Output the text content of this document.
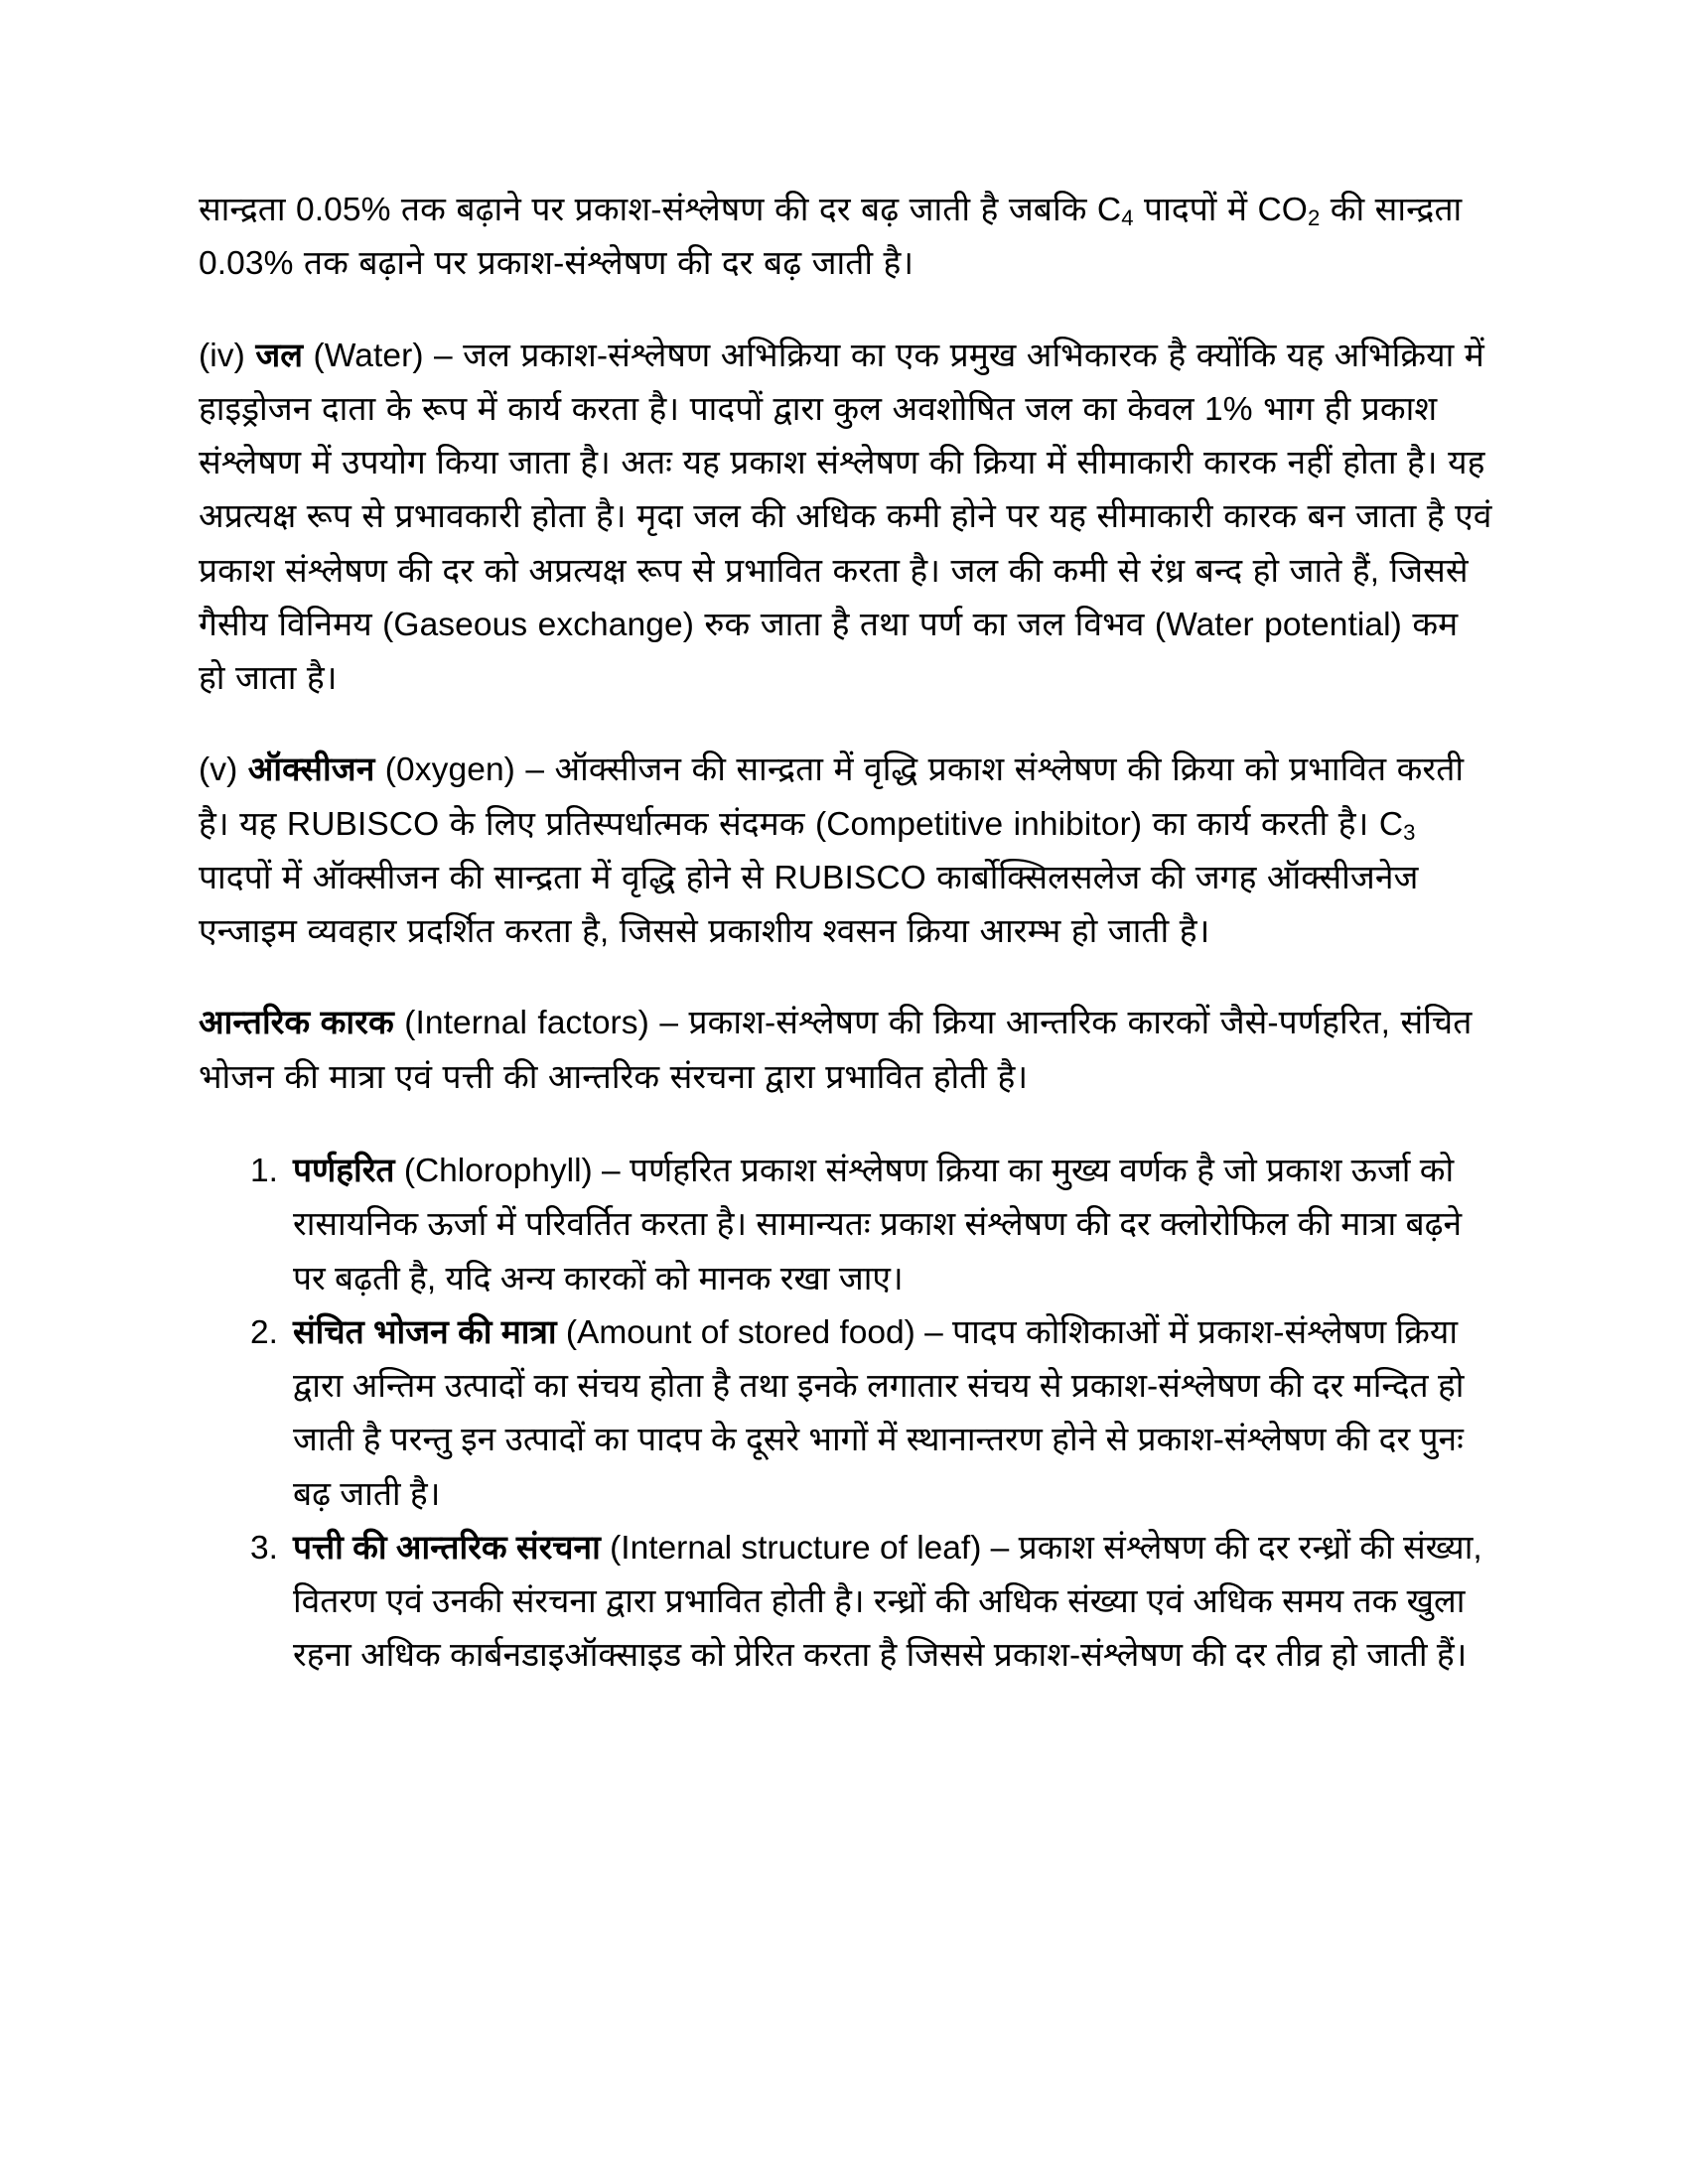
सान्द्रता 0.05% तक बढ़ाने पर प्रकाश-संश्लेषण की दर बढ़ जाती है जबकि $C_4$ पादपों में $CO_2$ की सान्द्रता 0.03% तक बढ़ाने पर प्रकाश-संश्लेषण की दर बढ़ जाती है।

(iv) जल (Water) – जल प्रकाश-संश्लेषण अभिक्रिया का एक प्रमुख अभिकारक है क्योंकि यह अभिक्रिया में हाइड्रोजन दाता के रूप में कार्य करता है। पादपों द्वारा कुल अवशोषित जल का केवल 1% भाग ही प्रकाश संश्लेषण में उपयोग किया जाता है। अतः यह प्रकाश संश्लेषण की क्रिया में सीमाकारी कारक नहीं होता है। यह अप्रत्यक्ष रूप से प्रभावकारी होता है। मृदा जल की अधिक कमी होने पर यह सीमाकारी कारक बन जाता है एवं प्रकाश संश्लेषण की दर को अप्रत्यक्ष रूप से प्रभावित करता है। जल की कमी से रंध्र बन्द हो जाते हैं, जिससे गैसीय विनिमय (Gaseous exchange) रुक जाता है तथा पर्ण का जल विभव (Water potential) कम हो जाता है।

(v) ऑक्सीजन (0xygen) – ऑक्सीजन की सान्द्रता में वृद्धि प्रकाश संश्लेषण की क्रिया को प्रभावित करती है। यह RUBISCO के लिए प्रतिस्पर्धात्मक संदमक (Competitive inhibitor) का कार्य करती है। $C_3$ पादपों में ऑक्सीजन की सान्द्रता में वृद्धि होने से RUBISCO कार्बोक्सिलसलेज की जगह ऑक्सीजनेज एन्जाइम व्यवहार प्रदर्शित करता है, जिससे प्रकाशीय श्वसन क्रिया आरम्भ हो जाती है।

आन्तरिक कारक (Internal factors) – प्रकाश-संश्लेषण की क्रिया आन्तरिक कारकों जैसे-पर्णहरित, संचित भोजन की मात्रा एवं पत्ती की आन्तरिक संरचना द्वारा प्रभावित होती है।

पर्णहरित (Chlorophyll) – पर्णहरित प्रकाश संश्लेषण क्रिया का मुख्य वर्णक है जो प्रकाश ऊर्जा को रासायनिक ऊर्जा में परिवर्तित करता है। सामान्यतः प्रकाश संश्लेषण की दर क्लोरोफिल की मात्रा बढ़ने पर बढ़ती है, यदि अन्य कारकों को मानक रखा जाए।
संचित भोजन की मात्रा (Amount of stored food) – पादप कोशिकाओं में प्रकाश-संश्लेषण क्रिया द्वारा अन्तिम उत्पादों का संचय होता है तथा इनके लगातार संचय से प्रकाश-संश्लेषण की दर मन्दित हो जाती है परन्तु इन उत्पादों का पादप के दूसरे भागों में स्थानान्तरण होने से प्रकाश-संश्लेषण की दर पुनः बढ़ जाती है।
पत्ती की आन्तरिक संरचना (Internal structure of leaf) – प्रकाश संश्लेषण की दर रन्ध्रों की संख्या, वितरण एवं उनकी संरचना द्वारा प्रभावित होती है। रन्ध्रों की अधिक संख्या एवं अधिक समय तक खुला रहना अधिक कार्बनडाइऑक्साइड को प्रेरित करता है जिससे प्रकाश-संश्लेषण की दर तीव्र हो जाती हैं।
